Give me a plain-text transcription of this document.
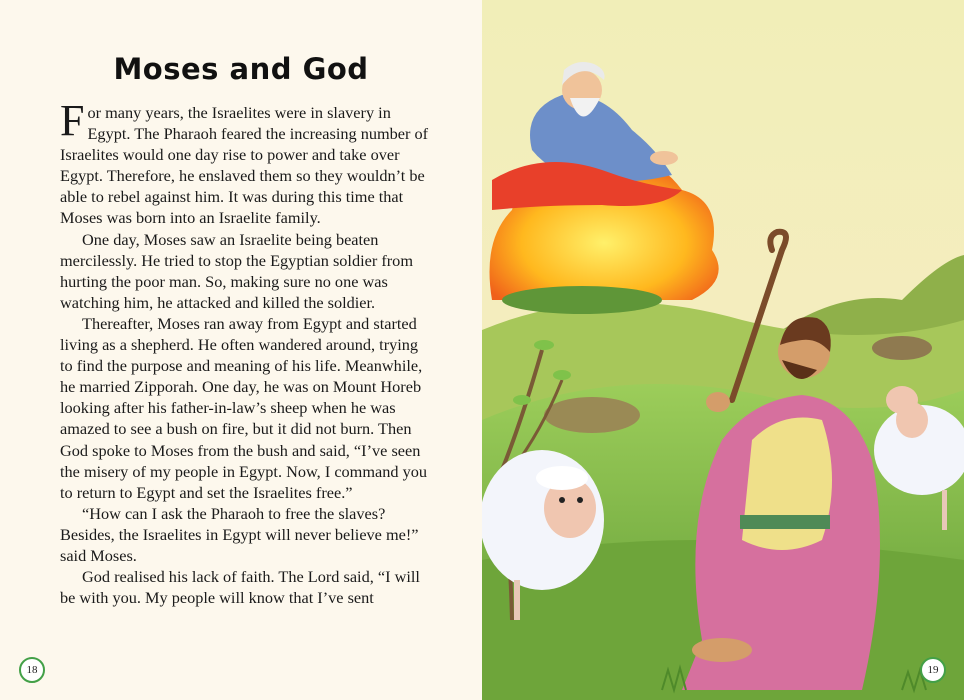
Moses and God

For many years, the Israelites were in slavery in Egypt. The Pharaoh feared the increasing number of Israelites would one day rise to power and take over Egypt. Therefore, he enslaved them so they wouldn’t be able to rebel against him. It was during this time that Moses was born into an Israelite family.

One day, Moses saw an Israelite being beaten mercilessly. He tried to stop the Egyptian soldier from hurting the poor man. So, making sure no one was watching him, he attacked and killed the soldier.

Thereafter, Moses ran away from Egypt and started living as a shepherd. He often wandered around, trying to find the purpose and meaning of his life. Meanwhile, he married Zipporah. One day, he was on Mount Horeb looking after his father-in-law’s sheep when he was amazed to see a bush on fire, but it did not burn. Then God spoke to Moses from the bush and said, “I’ve seen the misery of my people in Egypt. Now, I command you to return to Egypt and set the Israelites free.”

“How can I ask the Pharaoh to free the slaves? Besides, the Israelites in Egypt will never believe me!” said Moses.

God realised his lack of faith. The Lord said, “I will be with you. My people will know that I’ve sent

18	19
